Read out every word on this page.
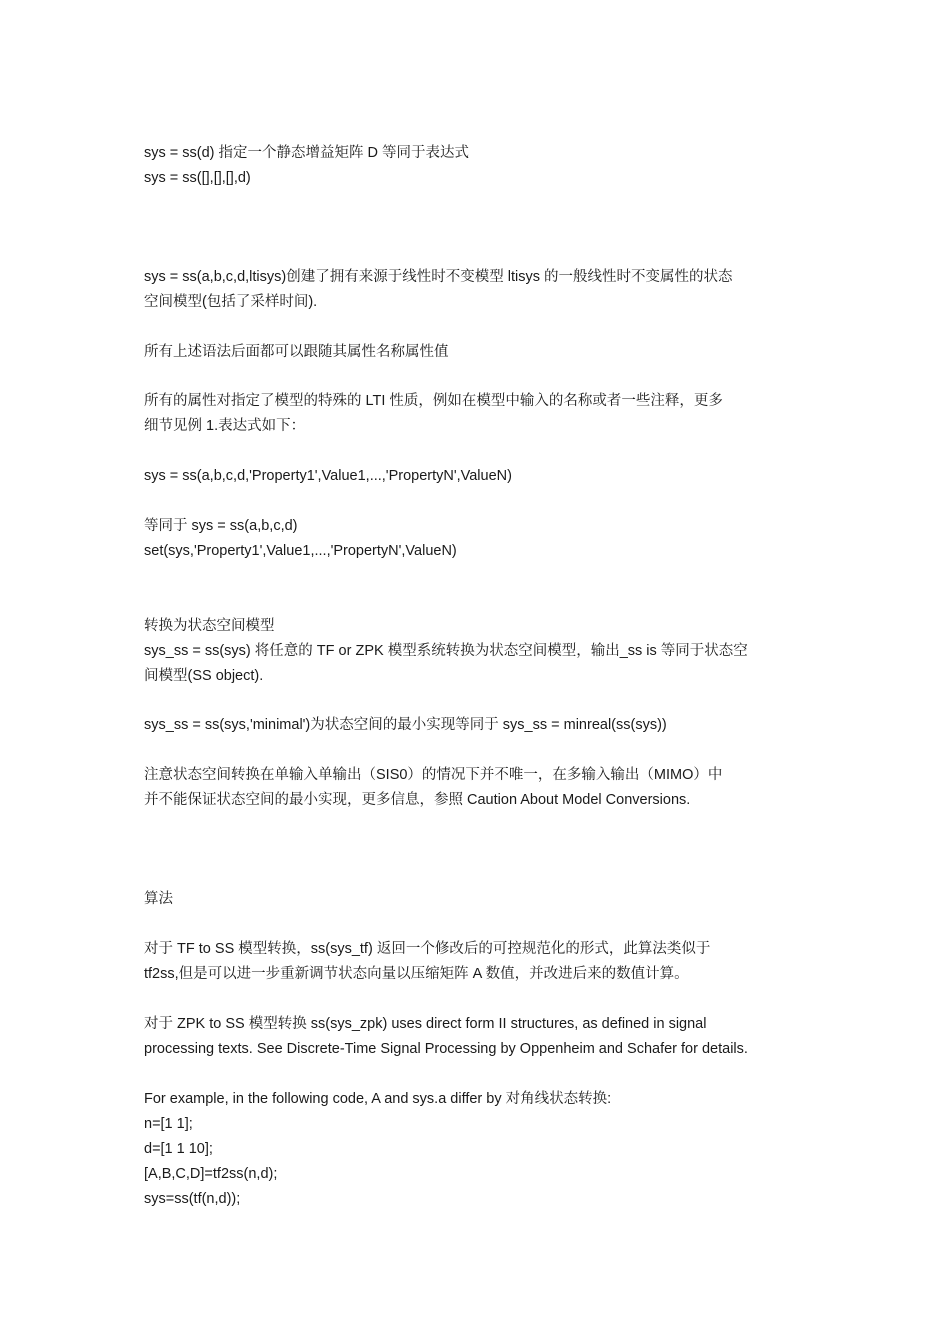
sys = ss(d) 指定一个静态增益矩阵 D 等同于表达式
sys = ss([],[],[],d)
sys = ss(a,b,c,d,ltisys)创建了拥有来源于线性时不变模型 ltisys 的一般线性时不变属性的状态
空间模型(包括了采样时间).
所有上述语法后面都可以跟随其属性名称属性值
所有的属性对指定了模型的特殊的 LTI 性质，例如在模型中输入的名称或者一些注释，更多
细节见例 1.表达式如下：
sys = ss(a,b,c,d,'Property1',Value1,...,'PropertyN',ValueN)
等同于 sys = ss(a,b,c,d)
set(sys,'Property1',Value1,...,'PropertyN',ValueN)
转换为状态空间模型
sys_ss = ss(sys) 将任意的 TF or ZPK 模型系统转换为状态空间模型，输出_ss is 等同于状态空
间模型(SS object).
sys_ss = ss(sys,'minimal')为状态空间的最小实现等同于 sys_ss = minreal(ss(sys))
注意状态空间转换在单输入单输出（SIS0）的情况下并不唯一，在多输入输出（MIMO）中
并不能保证状态空间的最小实现，更多信息，参照 Caution About Model Conversions.
算法
对于 TF to SS 模型转换，ss(sys_tf) 返回一个修改后的可控规范化的形式，此算法类似于
tf2ss,但是可以进一步重新调节状态向量以压缩矩阵 A 数值，并改进后来的数值计算。
对于 ZPK to SS 模型转换 ss(sys_zpk) uses direct form II structures, as defined in signal
processing texts. See Discrete-Time Signal Processing by Oppenheim and Schafer for details.
For example, in the following code, A and sys.a differ by 对角线状态转换:
n=[1 1];
d=[1 1 10];
[A,B,C,D]=tf2ss(n,d);
sys=ss(tf(n,d));
